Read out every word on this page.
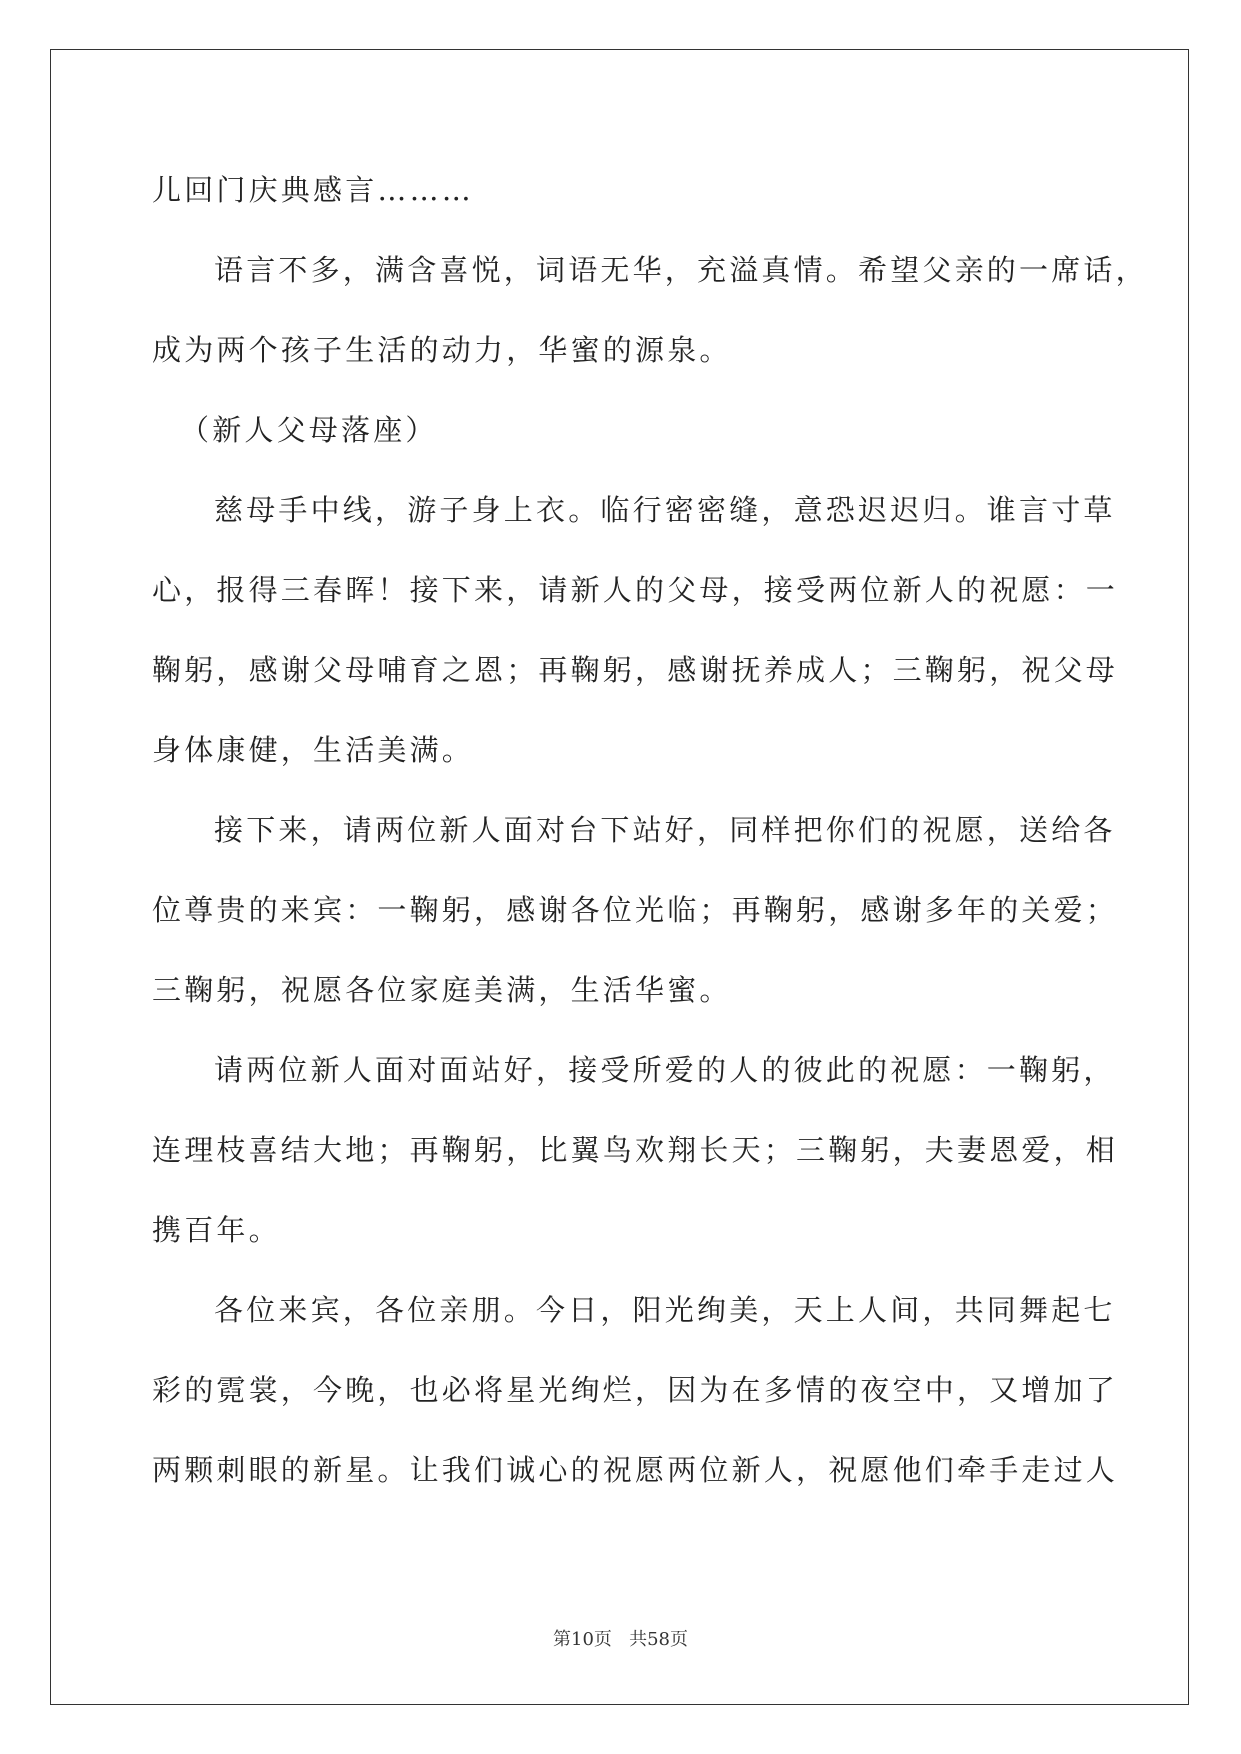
儿回门庆典感言………
语言不多，满含喜悦，词语无华，充溢真情。希望父亲的一席话，
成为两个孩子生活的动力，华蜜的源泉。
（新人父母落座）
慈母手中线，游子身上衣。临行密密缝，意恐迟迟归。谁言寸草
心，报得三春晖！接下来，请新人的父母，接受两位新人的祝愿：一
鞠躬，感谢父母哺育之恩；再鞠躬，感谢抚养成人；三鞠躬，祝父母
身体康健，生活美满。
接下来，请两位新人面对台下站好，同样把你们的祝愿，送给各
位尊贵的来宾：一鞠躬，感谢各位光临；再鞠躬，感谢多年的关爱；
三鞠躬，祝愿各位家庭美满，生活华蜜。
请两位新人面对面站好，接受所爱的人的彼此的祝愿：一鞠躬，
连理枝喜结大地；再鞠躬，比翼鸟欢翔长天；三鞠躬，夫妻恩爱，相
携百年。
各位来宾，各位亲朋。今日，阳光绚美，天上人间，共同舞起七
彩的霓裳，今晚，也必将星光绚烂，因为在多情的夜空中，又增加了
两颗刺眼的新星。让我们诚心的祝愿两位新人，祝愿他们牵手走过人
第10页   共58页
